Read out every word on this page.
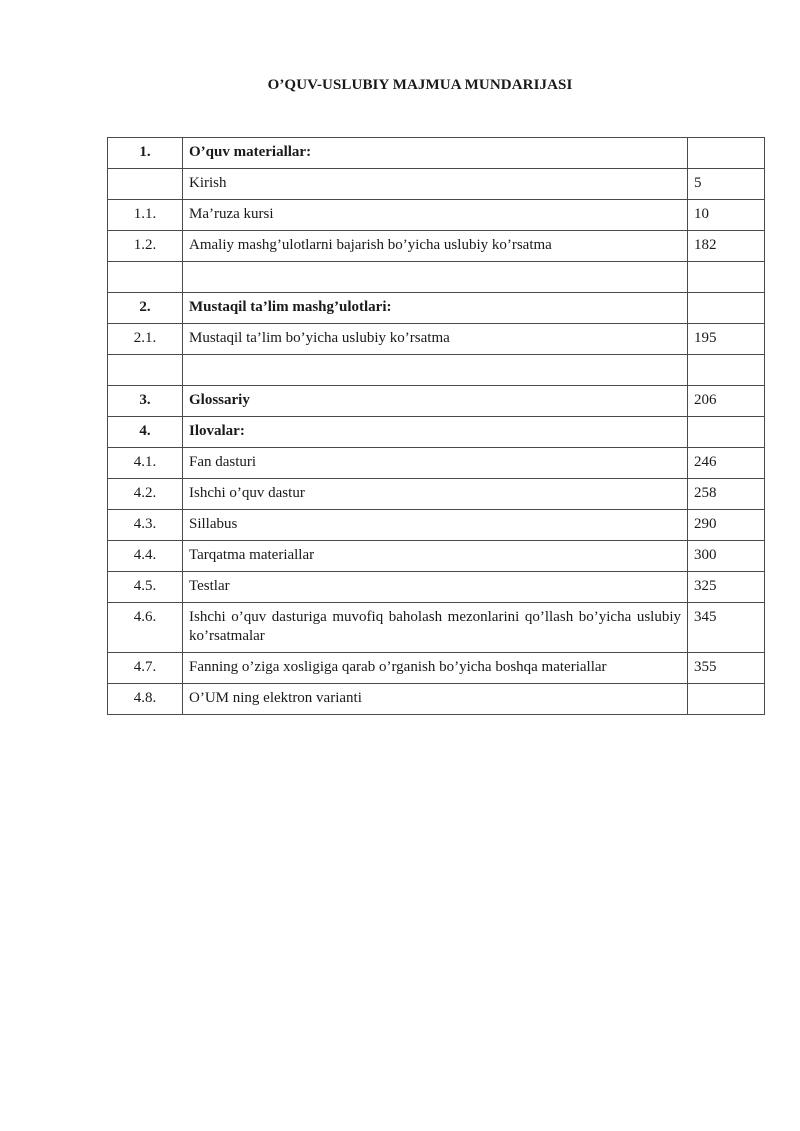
O’QUV-USLUBIY MAJMUA MUNDARIJASI
1.	O’quv materiallar:	
	Kirish	5
1.1.	Ma’ruza kursi	10
1.2.	Amaliy mashg’ulotlarni bajarish bo’yicha uslubiy ko’rsatma	182

2.	Mustaqil ta’lim mashg’ulotlari:	
2.1.	Mustaqil ta’lim bo’yicha uslubiy ko’rsatma	195

3.	Glossariy	206
4.	Ilovalar:	
4.1.	Fan dasturi	246
4.2.	Ishchi o’quv dastur	258
4.3.	Sillabus	290
4.4.	Tarqatma materiallar	300
4.5.	Testlar	325
4.6.	Ishchi o’quv dasturiga muvofiq baholash mezonlarini qo’llash bo’yicha uslubiy ko’rsatmalar	345
4.7.	Fanning o’ziga xosligiga qarab o’rganish bo’yicha boshqa materiallar	355
4.8.	O’UM ning elektron varianti	
